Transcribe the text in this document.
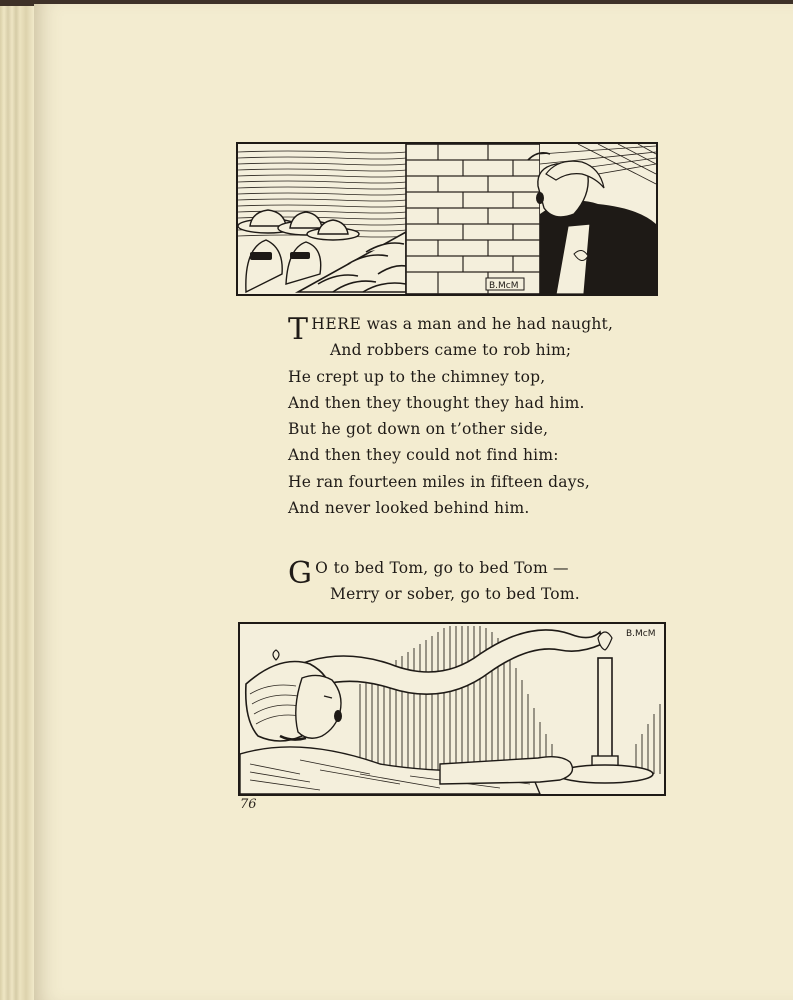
B.McM
THERE was a man and he had naught,
And robbers came to rob him;
He crept up to the chimney top,
And then they thought they had him.
But he got down on t’other side,
And then they could not find him:
He ran fourteen miles in fifteen days,
And never looked behind him.
G O to bed Tom, go to bed Tom —
Merry or sober, go to bed Tom.
B.McM
76
